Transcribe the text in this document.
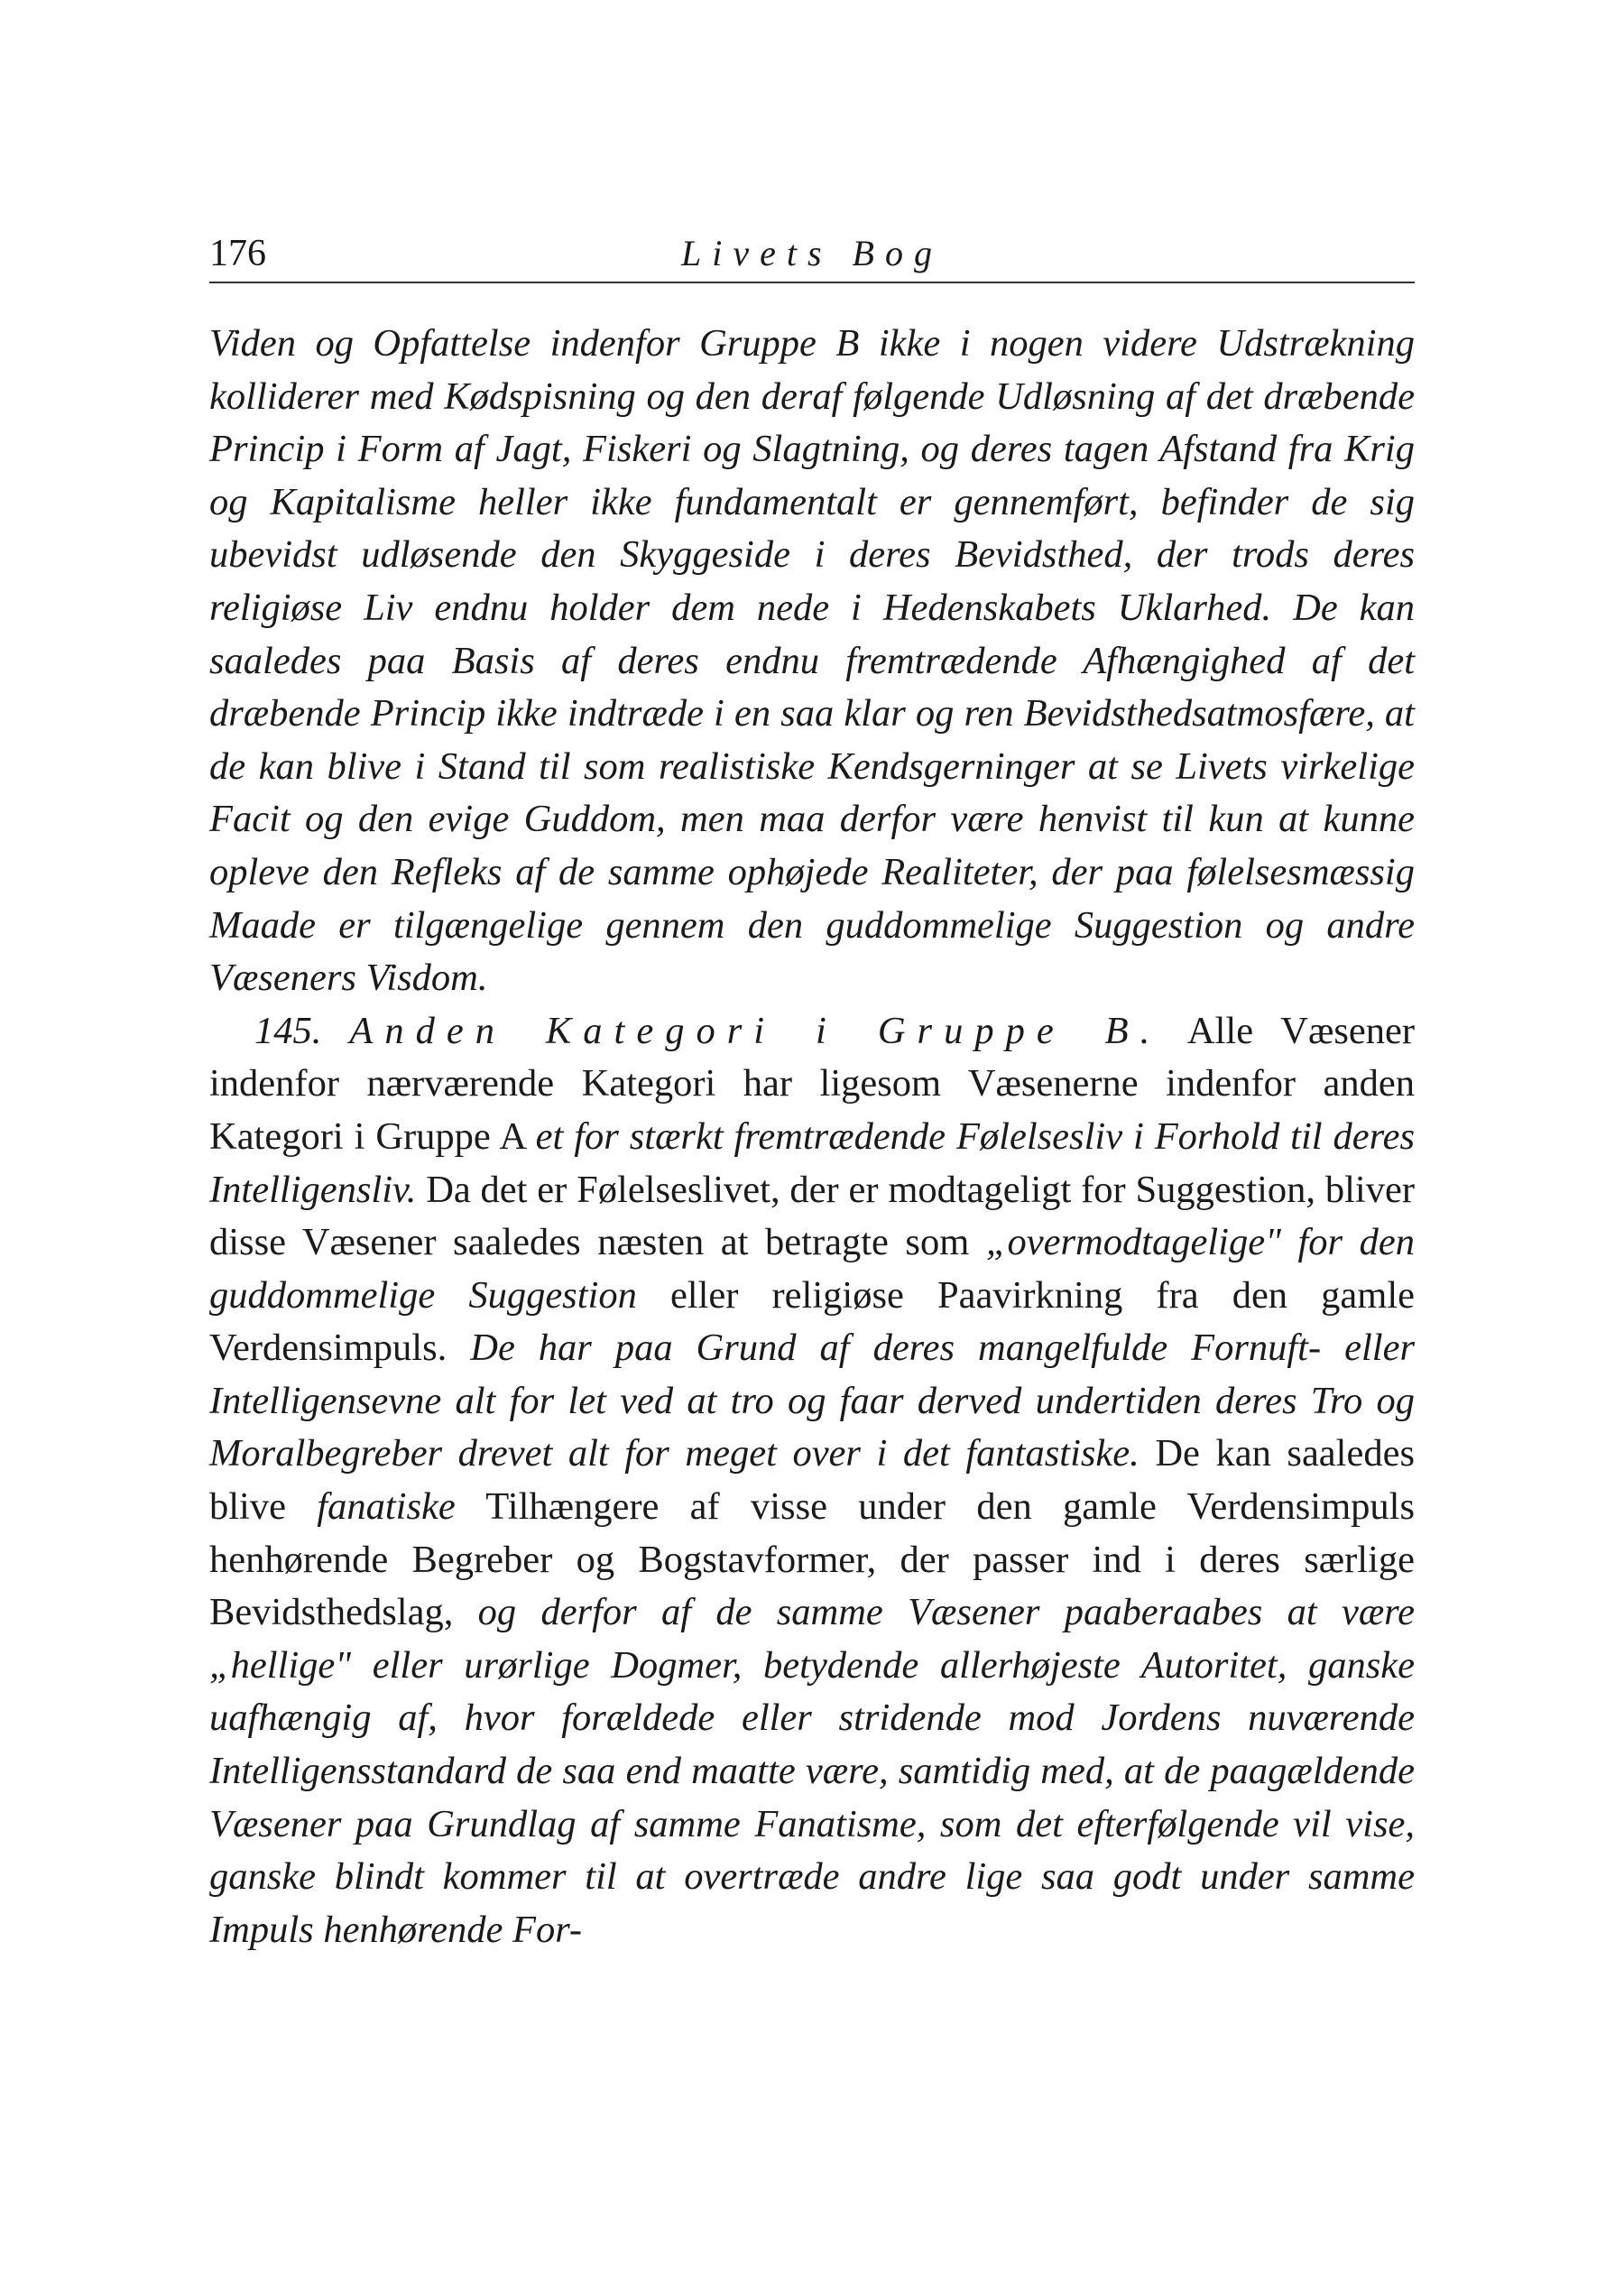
176	Livets Bog

Viden og Opfattelse indenfor Gruppe B ikke i nogen videre Udstrækning kolliderer med Kødspisning og den deraf følgende Udløsning af det dræbende Princip i Form af Jagt, Fiskeri og Slagtning, og deres tagen Afstand fra Krig og Kapitalisme heller ikke fundamentalt er gennemført, befinder de sig ubevidst udløsende den Skyggeside i deres Bevidsthed, der trods deres religiøse Liv endnu holder dem nede i Hedenskabets Uklarhed. De kan saaledes paa Basis af deres endnu fremtrædende Afhængighed af det dræbende Princip ikke indtræde i en saa klar og ren Bevidsthedsatmosfære, at de kan blive i Stand til som realistiske Kendsgerninger at se Livets virkelige Facit og den evige Guddom, men maa derfor være henvist til kun at kunne opleve den Refleks af de samme ophøjede Realiteter, der paa følelsesmæssig Maade er tilgængelige gennem den guddommelige Suggestion og andre Væseners Visdom.

145. Anden Kategori i Gruppe B. Alle Væsener indenfor nærværende Kategori har ligesom Væsenerne indenfor anden Kategori i Gruppe A et for stærkt fremtrædende Følelsesliv i Forhold til deres Intelligensliv. Da det er Følelseslivet, der er modtageligt for Suggestion, bliver disse Væsener saaledes næsten at betragte som „overmodtagelige" for den guddommelige Suggestion eller religiøse Paavirkning fra den gamle Verdensimpuls. De har paa Grund af deres mangelfulde Fornuft- eller Intelligensevne alt for let ved at tro og faar derved undertiden deres Tro og Moralbegreber drevet alt for meget over i det fantastiske. De kan saaledes blive fanatiske Tilhængere af visse under den gamle Verdensimpuls henhørende Begreber og Bogstavformer, der passer ind i deres særlige Bevidsthedslag, og derfor af de samme Væsener paaberaabes at være „hellige" eller urørlige Dogmer, betydende allerhøjeste Autoritet, ganske uafhængig af, hvor forældede eller stridende mod Jordens nuværende Intelligensstandard de saa end maatte være, samtidig med, at de paagældende Væsener paa Grundlag af samme Fanatisme, som det efterfølgende vil vise, ganske blindt kommer til at overtræde andre lige saa godt under samme Impuls henhørende For-
